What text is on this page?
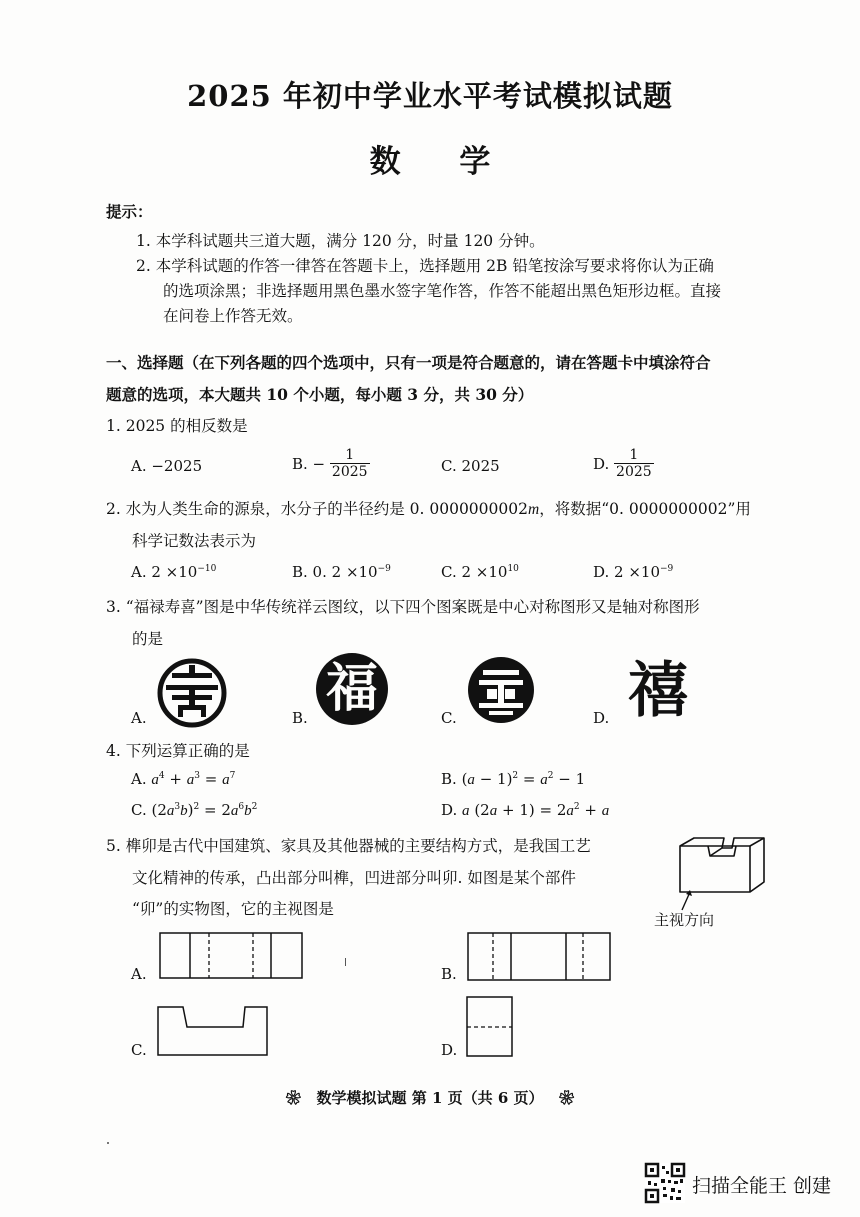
2025 年初中学业水平考试模拟试题
数 学
提示：
1. 本学科试题共三道大题，满分 120 分，时量 120 分钟。
2. 本学科试题的作答一律答在答题卡上，选择题用 2B 铅笔按涂写要求将你认为正确
的选项涂黑；非选择题用黑色墨水签字笔作答，作答不能超出黑色矩形边框。直接
在问卷上作答无效。
一、选择题（在下列各题的四个选项中，只有一项是符合题意的，请在答题卡中填涂符合
题意的选项，本大题共 10 个小题，每小题 3 分，共 30 分）
1. 2025 的相反数是
A. −2025	B. − $\frac{1}{2025}$	C. 2025	D. $\frac{1}{2025}$
2. 水为人类生命的源泉，水分子的半径约是 0. 0000000002m，将数据“0. 0000000002”用
科学记数法表示为
A. $2 \times 10^{-10}$	B. 0. $2 \times 10^{-9}$	C. $2 \times 10^{10}$	D. $2 \times 10^{-9}$
3. “福禄寿喜”图是中华传统祥云图纹，以下四个图案既是中心对称图形又是轴对称图形
的是
A.	B. 福	C.	D. 禧
4. 下列运算正确的是
A. $a^4 + a^3 = a^7$	B. $(a - 1)^2 = a^2 - 1$
C. $(2a^3b)^2 = 2a^6b^2$	D. a $(2a + 1) = 2a^2 + a$
5. 榫卯是古代中国建筑、家具及其他器械的主要结构方式，是我国工艺
文化精神的传承，凸出部分叫榫，凹进部分叫卯. 如图是某个部件
“卯”的实物图，它的主视图是
主视方向
A.	B.
C.	D.
❀ 数学模拟试题 第 1 页（共 6 页） ❀
扫描全能王 创建
